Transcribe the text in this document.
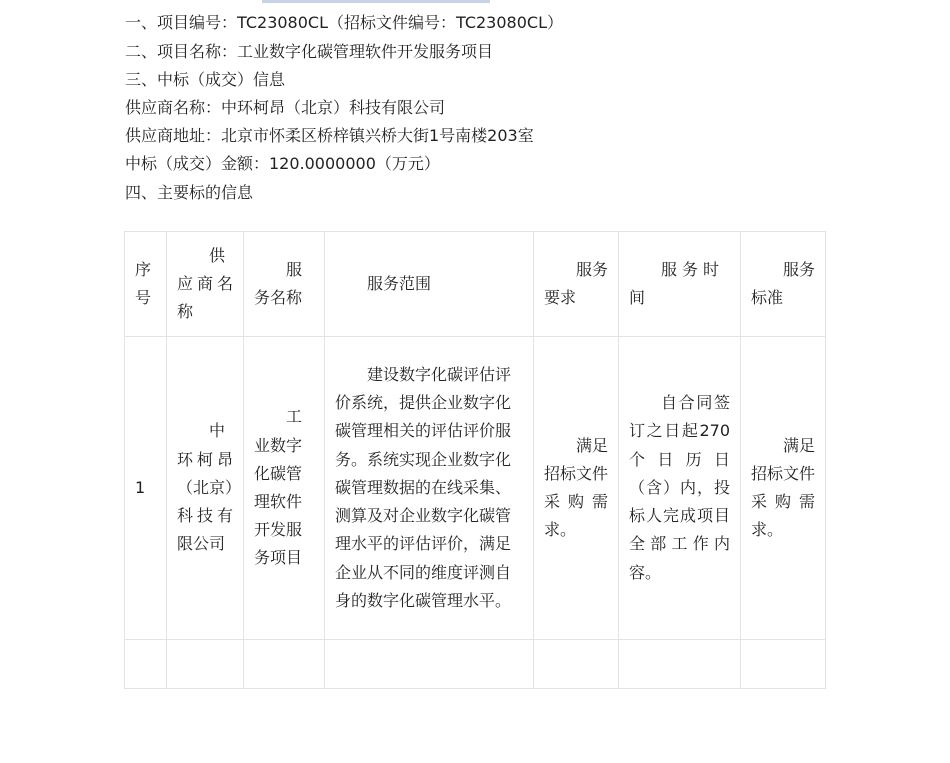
一、项目编号：TC23080CL（招标文件编号：TC23080CL）
二、项目名称：工业数字化碳管理软件开发服务项目
三、中标（成交）信息
供应商名称：中环柯昂（北京）科技有限公司
供应商地址：北京市怀柔区桥梓镇兴桥大街1号南楼203室
中标（成交）金额：120.0000000（万元）
四、主要标的信息
序号	供应商名称	服务名称	服务范围	服务要求	服务时间	服务标准
1	中环柯昂（北京）科技有限公司	工业数字化碳管理软件开发服务项目	建设数字化碳评估评价系统，提供企业数字化碳管理相关的评估评价服务。系统实现企业数字化碳管理数据的在线采集、测算及对企业数字化碳管理水平的评估评价，满足企业从不同的维度评测自身的数字化碳管理水平。	满足招标文件采购需求。	自合同签订之日起270个日历日（含）内，投标人完成项目全部工作内容。	满足招标文件采购需求。
